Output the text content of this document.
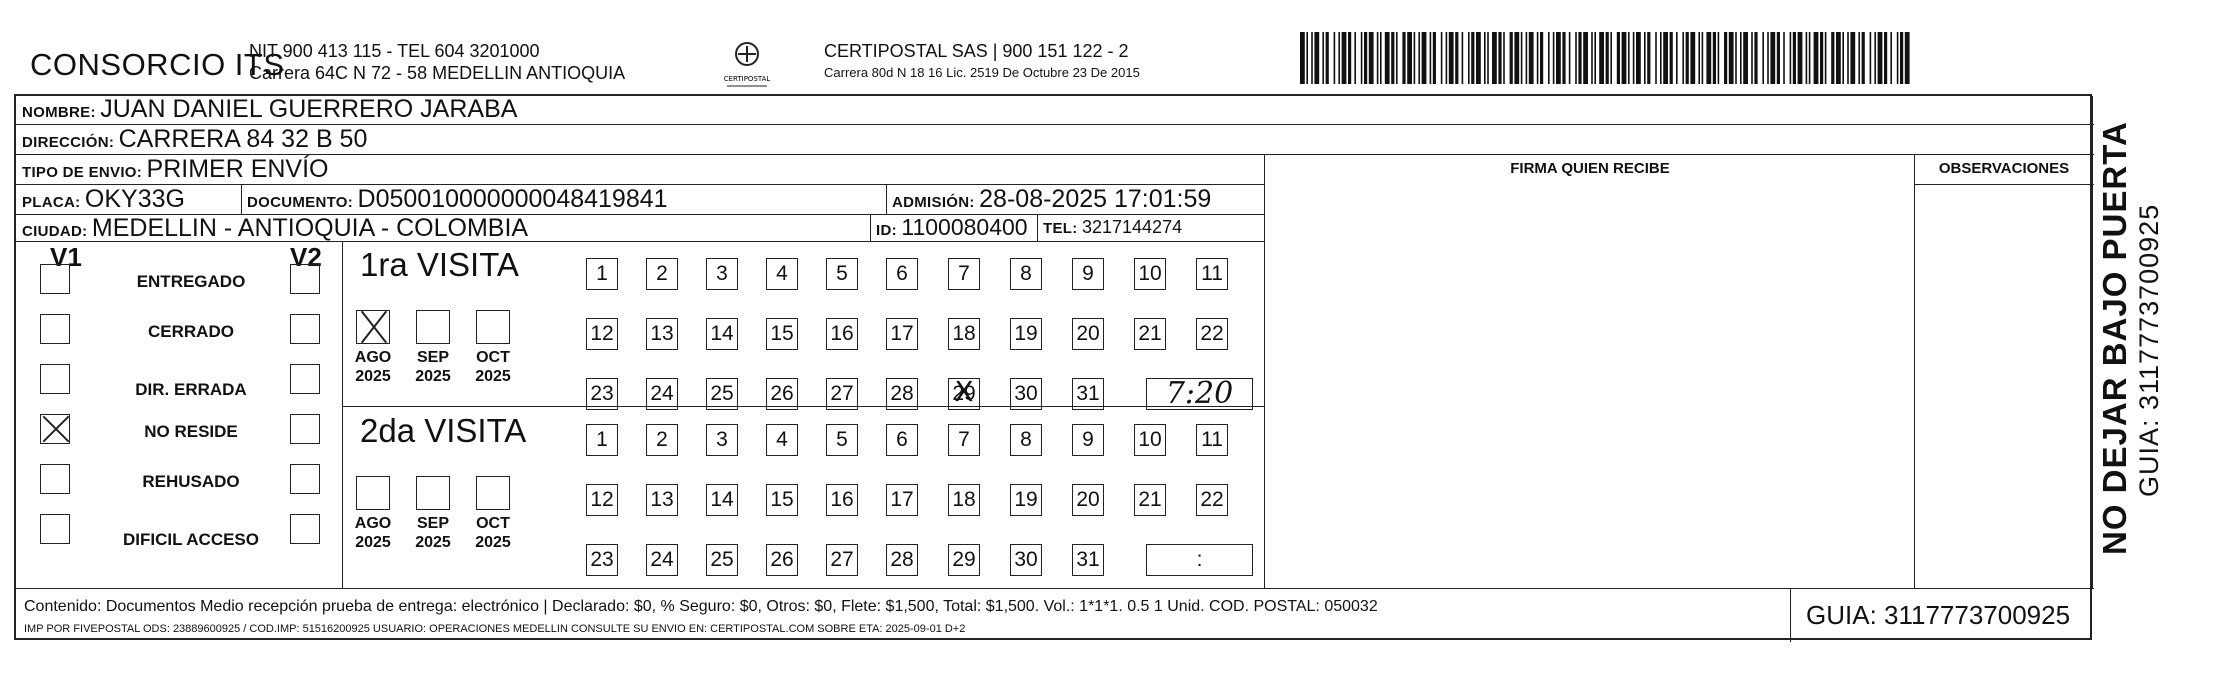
CONSORCIO ITS
NIT 900 413 115 - TEL 604 3201000
Carrera 64C N 72 - 58 MEDELLIN ANTIOQUIA	CERTIPOSTAL
CERTIPOSTAL SAS | 900 151 122 - 2
Carrera 80d N 18 16 Lic. 2519 De Octubre 23 De 2015
NOMBRE: JUAN DANIEL GUERRERO JARABA
DIRECCIÓN: CARRERA 84 32 B 50
TIPO DE ENVIO: PRIMER ENVÍO	FIRMA QUIEN RECIBE	OBSERVACIONES
PLACA: OKY33G	DOCUMENTO: D050010000000048419841	ADMISIÓN: 28-08-2025 17:01:59
CIUDAD: MEDELLIN - ANTIOQUIA - COLOMBIA	ID: 1100080400 TEL: 3217144274
V1	V2
ENTREGADO
CERRADO
DIR. ERRADA
NO RESIDE
REHUSADO
DIFICIL ACCESO
1ra VISITA
AGO
2025
SEP
2025
OCT
2025
1	2	3	4	5	6	7	8	9	10 11
12 13 14 15 16 17 18 19 20 21 22
23 24 25 26 27 28 29 X 30 31	7:20
2da VISITA
AGO
2025
SEP
2025
OCT
2025
1	2	3	4	5	6	7	8	9	10 11
12 13 14 15 16 17 18 19 20 21 22
23 24 25 26 27 28 29 30 31	:
Contenido: Documentos Medio recepción prueba de entrega: electrónico | Declarado: $0, % Seguro: $0, Otros: $0, Flete: $1,500, Total: $1,500. Vol.: 1*1*1. 0.5 1 Unid. COD. POSTAL: 050032
IMP POR FIVEPOSTAL ODS: 23889600925 / COD.IMP: 51516200925 USUARIO: OPERACIONES MEDELLIN CONSULTE SU ENVIO EN: CERTIPOSTAL.COM SOBRE ETA: 2025-09-01 D+2	GUIA: 3117773700925
NO DEJAR BAJO PUERTA GUIA: 3117773700925
